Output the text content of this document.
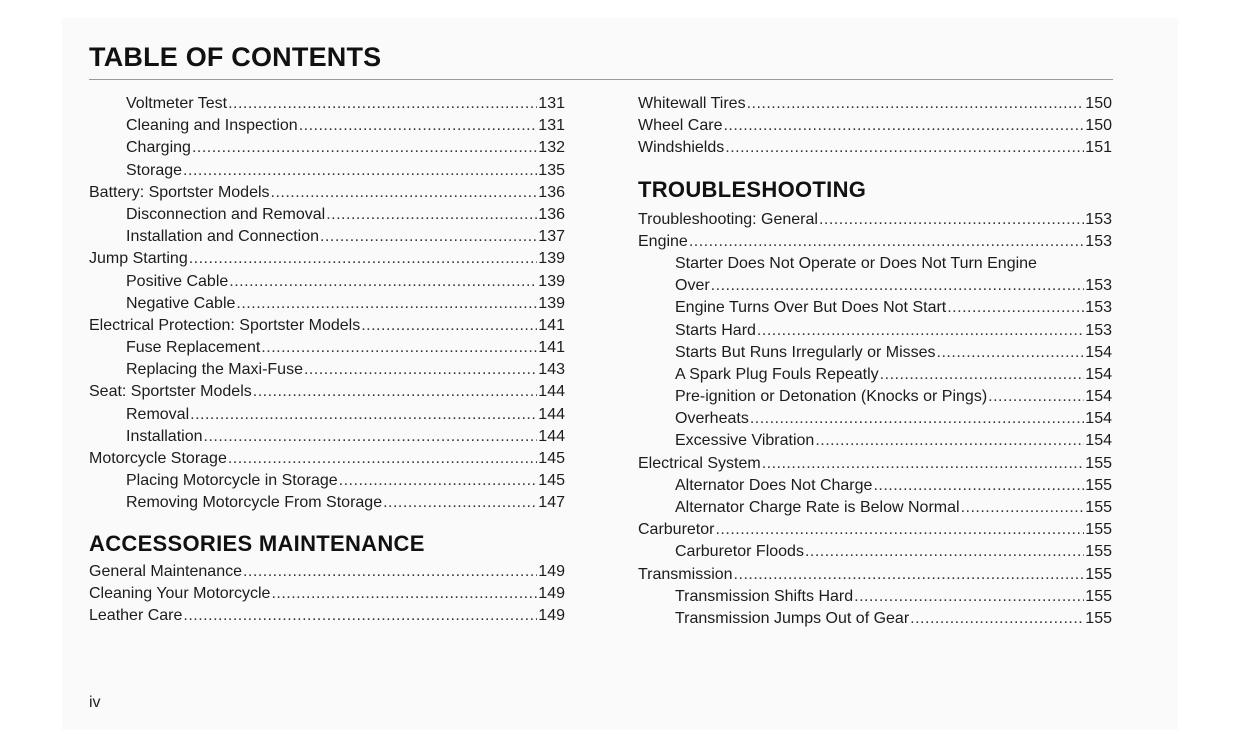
TABLE OF CONTENTS
Voltmeter Test .....	131
Cleaning and Inspection .....	131
Charging .....	132
Storage .....	135
Battery: Sportster Models .....	136
Disconnection and Removal .....	136
Installation and Connection .....	137
Jump Starting .....	139
Positive Cable .....	139
Negative Cable .....	139
Electrical Protection: Sportster Models .....	141
Fuse Replacement .....	141
Replacing the Maxi-Fuse .....	143
Seat: Sportster Models .....	144
Removal .....	144
Installation .....	144
Motorcycle Storage .....	145
Placing Motorcycle in Storage .....	145
Removing Motorcycle From Storage .....	147
ACCESSORIES MAINTENANCE
General Maintenance .....	149
Cleaning Your Motorcycle .....	149
Leather Care .....	149
Whitewall Tires .....	150
Wheel Care .....	150
Windshields .....	151
TROUBLESHOOTING
Troubleshooting: General .....	153
Engine .....	153
Starter Does Not Operate or Does Not Turn Engine
Over .....	153
Engine Turns Over But Does Not Start .....	153
Starts Hard .....	153
Starts But Runs Irregularly or Misses .....	154
A Spark Plug Fouls Repeatly .....	154
Pre-ignition or Detonation (Knocks or Pings) .....	154
Overheats .....	154
Excessive Vibration .....	154
Electrical System .....	155
Alternator Does Not Charge .....	155
Alternator Charge Rate is Below Normal .....	155
Carburetor .....	155
Carburetor Floods .....	155
Transmission .....	155
Transmission Shifts Hard .....	155
Transmission Jumps Out of Gear .....	155
iv
